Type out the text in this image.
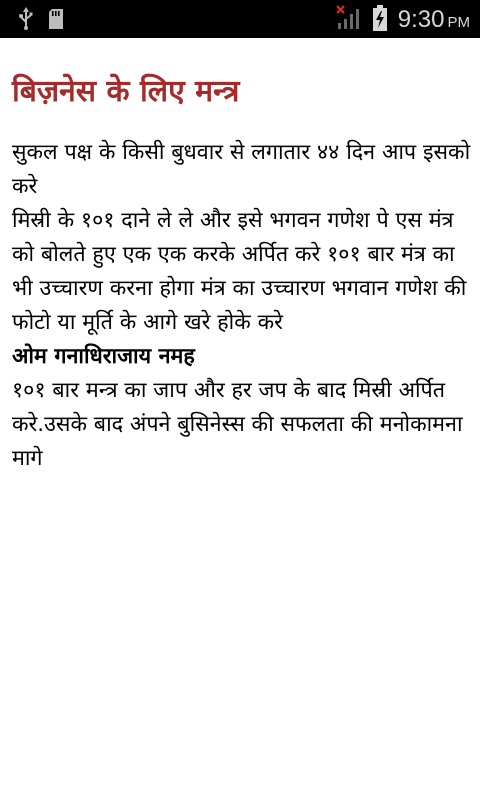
9:30 PM
बिज़नेस के लिए मन्त्र

सुकल पक्ष के किसी बुधवार से लगातार ४४ दिन आप इसको करे

मिस्री के १०१ दाने ले ले और इसे भगवन गणेश पे एस मंत्र को बोलते हुए एक एक करके अर्पित करे १०१ बार मंत्र का भी उच्चारण करना होगा मंत्र का उच्चारण भगवान गणेश की फोटो या मूर्ति के आगे खरे होके करे

ओम गनाधिराजाय नमह

१०१ बार मन्त्र का जाप और हर जप के बाद मिस्री अर्पित करे.उसके बाद अंपने बुसिनेस्स की सफलता की मनोकामना मागे
